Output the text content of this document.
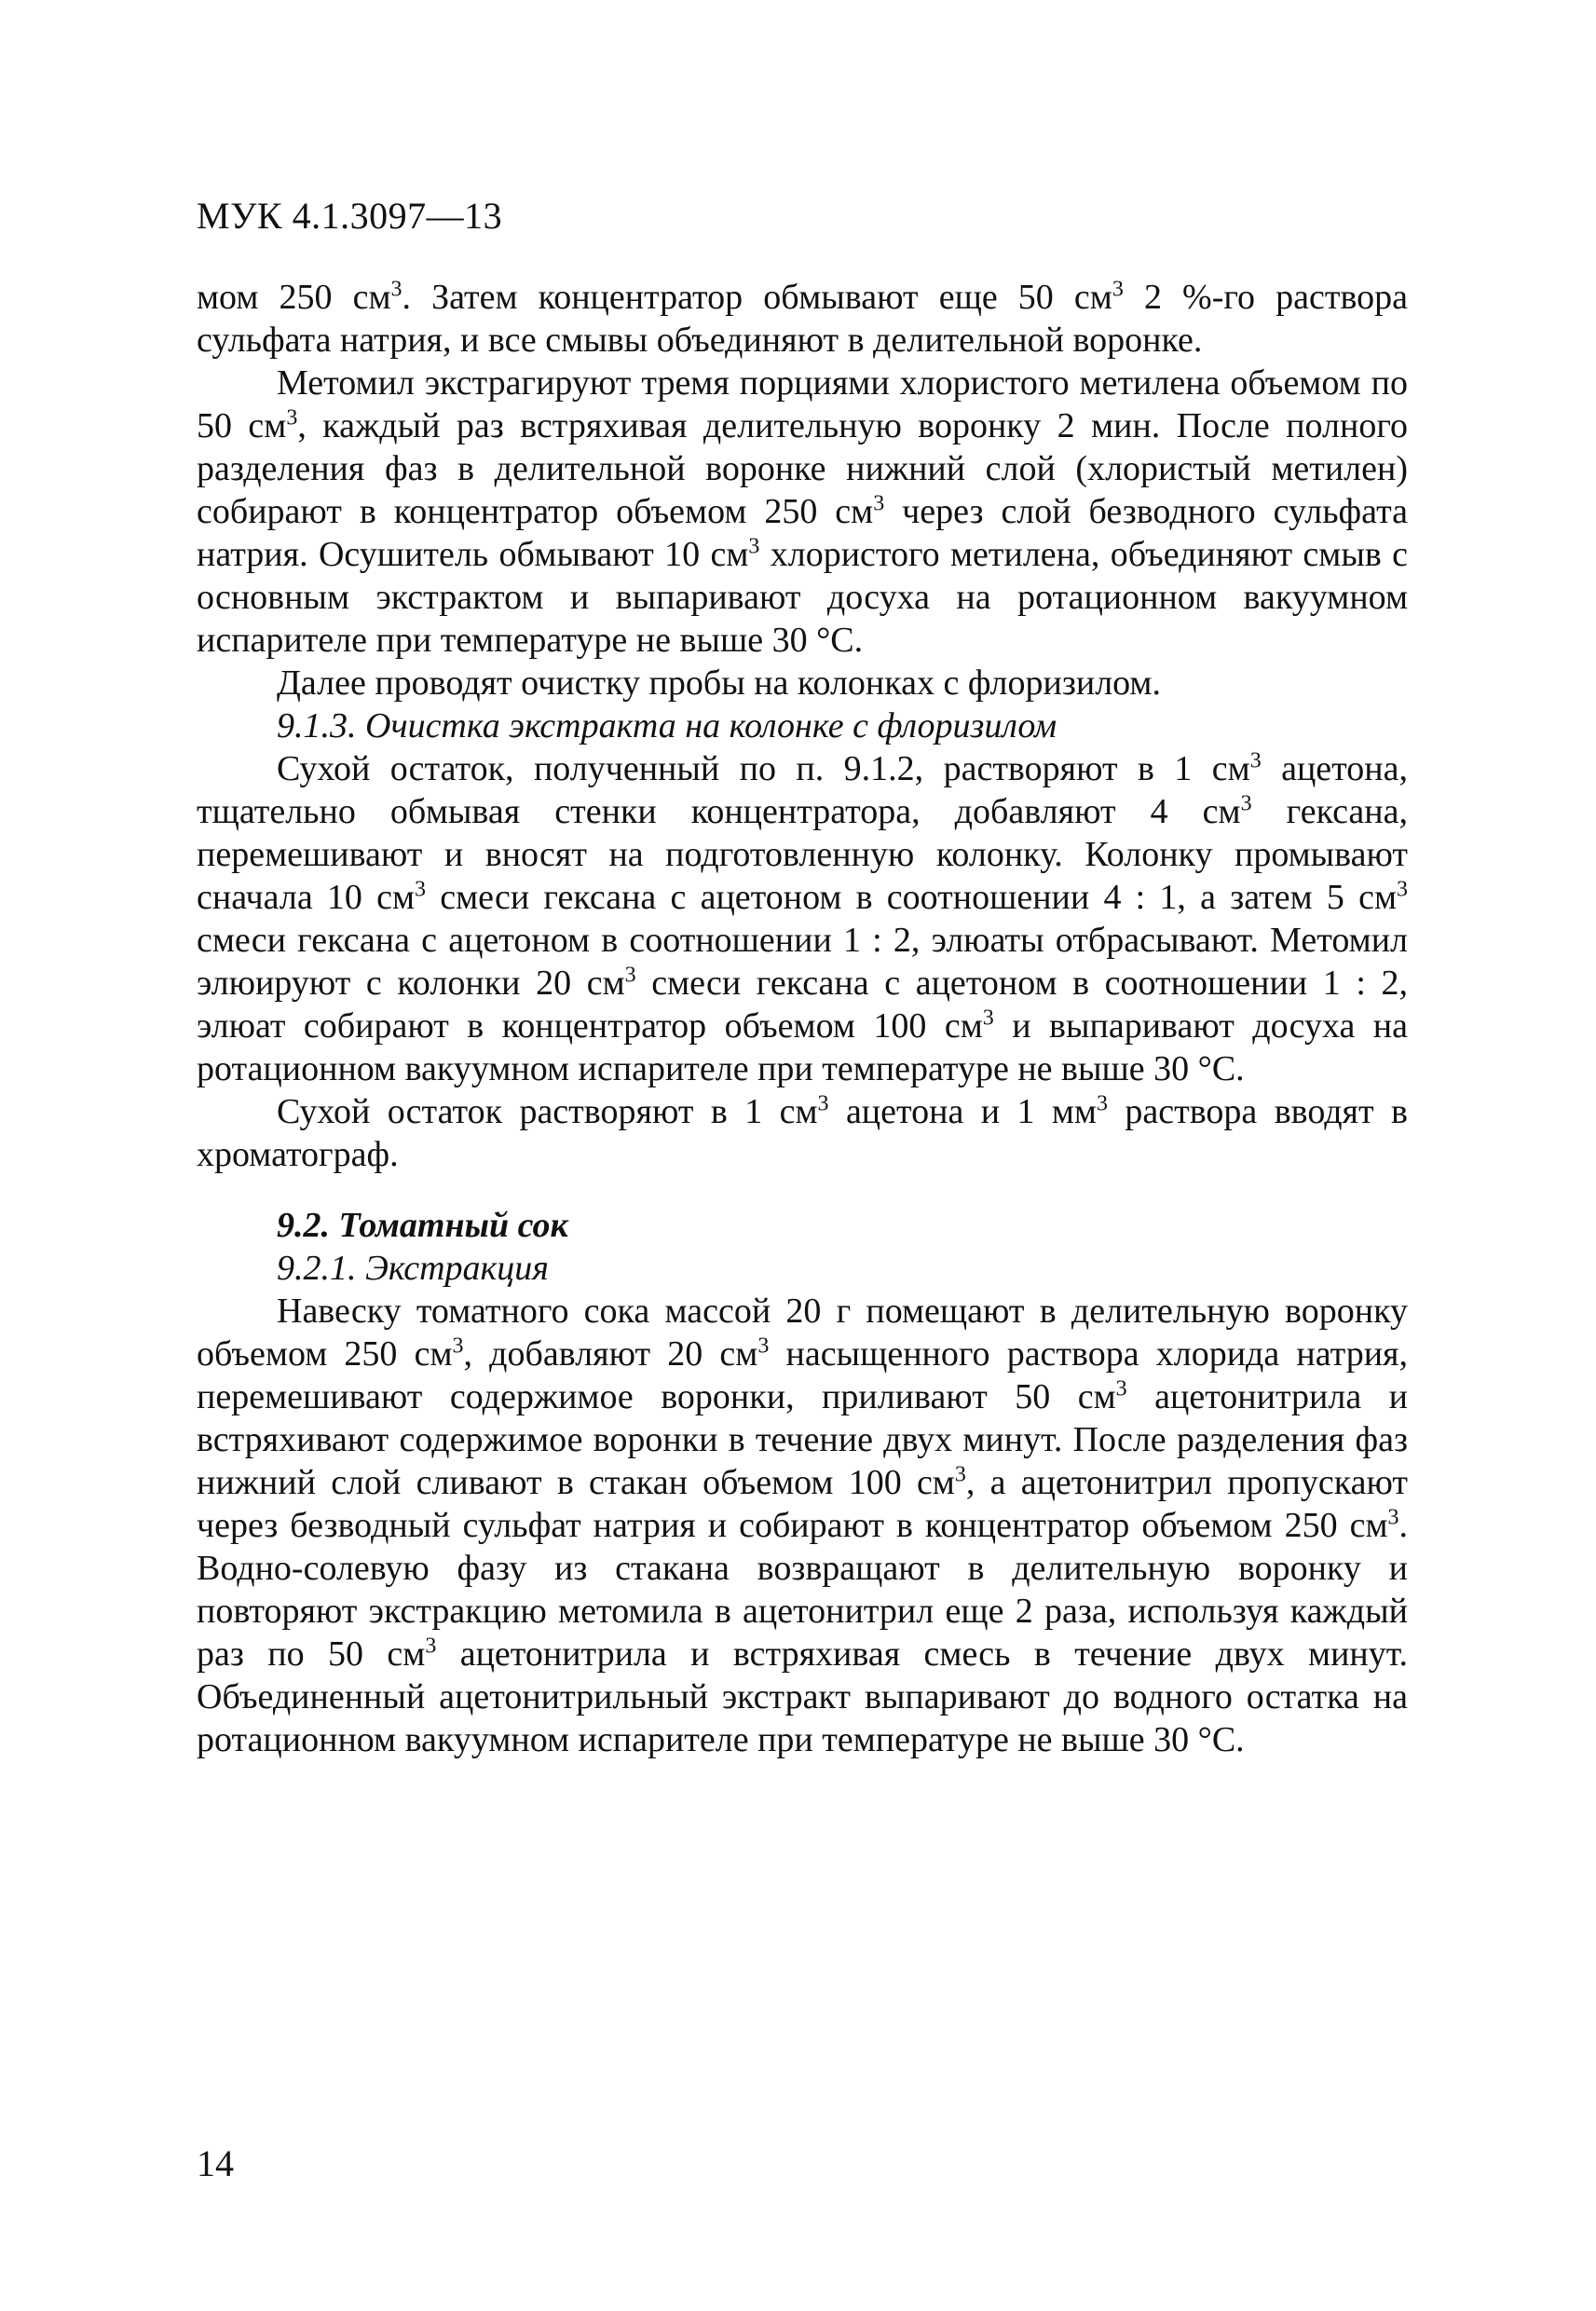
МУК 4.1.3097—13

мом 250 $см^3$. Затем концентратор обмывают еще 50 $см^3$ 2 %-го раствора сульфата натрия, и все смывы объединяют в делительной воронке.

Метомил экстрагируют тремя порциями хлористого метилена объемом по 50 $см^3$, каждый раз встряхивая делительную воронку 2 мин. После полного разделения фаз в делительной воронке нижний слой (хлористый метилен) собирают в концентратор объемом 250 $см^3$ через слой безводного сульфата натрия. Осушитель обмывают 10 $см^3$ хлористого метилена, объединяют смыв с основным экстрактом и выпаривают досуха на ротационном вакуумном испарителе при температуре не выше 30 °С.

Далее проводят очистку пробы на колонках с флоризилом.

9.1.3. Очистка экстракта на колонке с флоризилом

Сухой остаток, полученный по п. 9.1.2, растворяют в 1 $см^3$ ацетона, тщательно обмывая стенки концентратора, добавляют 4 $см^3$ гексана, перемешивают и вносят на подготовленную колонку. Колонку промывают сначала 10 $см^3$ смеси гексана с ацетоном в соотношении 4 : 1, а затем 5 $см^3$ смеси гексана с ацетоном в соотношении 1 : 2, элюаты отбрасывают. Метомил элюируют с колонки 20 $см^3$ смеси гексана с ацетоном в соотношении 1 : 2, элюат собирают в концентратор объемом 100 $см^3$ и выпаривают досуха на ротационном вакуумном испарителе при температуре не выше 30 °С.

Сухой остаток растворяют в 1 $см^3$ ацетона и 1 $мм^3$ раствора вводят в хроматограф.

9.2. Томатный сок

9.2.1. Экстракция

Навеску томатного сока массой 20 г помещают в делительную воронку объемом 250 $см^3$, добавляют 20 $см^3$ насыщенного раствора хлорида натрия, перемешивают содержимое воронки, приливают 50 $см^3$ ацетонитрила и встряхивают содержимое воронки в течение двух минут. После разделения фаз нижний слой сливают в стакан объемом 100 $см^3$, а ацетонитрил пропускают через безводный сульфат натрия и собирают в концентратор объемом 250 $см^3$. Водно-солевую фазу из стакана возвращают в делительную воронку и повторяют экстракцию метомила в ацетонитрил еще 2 раза, используя каждый раз по 50 $см^3$ ацетонитрила и встряхивая смесь в течение двух минут. Объединенный ацетонитрильный экстракт выпаривают до водного остатка на ротационном вакуумном испарителе при температуре не выше 30 °С.

14
